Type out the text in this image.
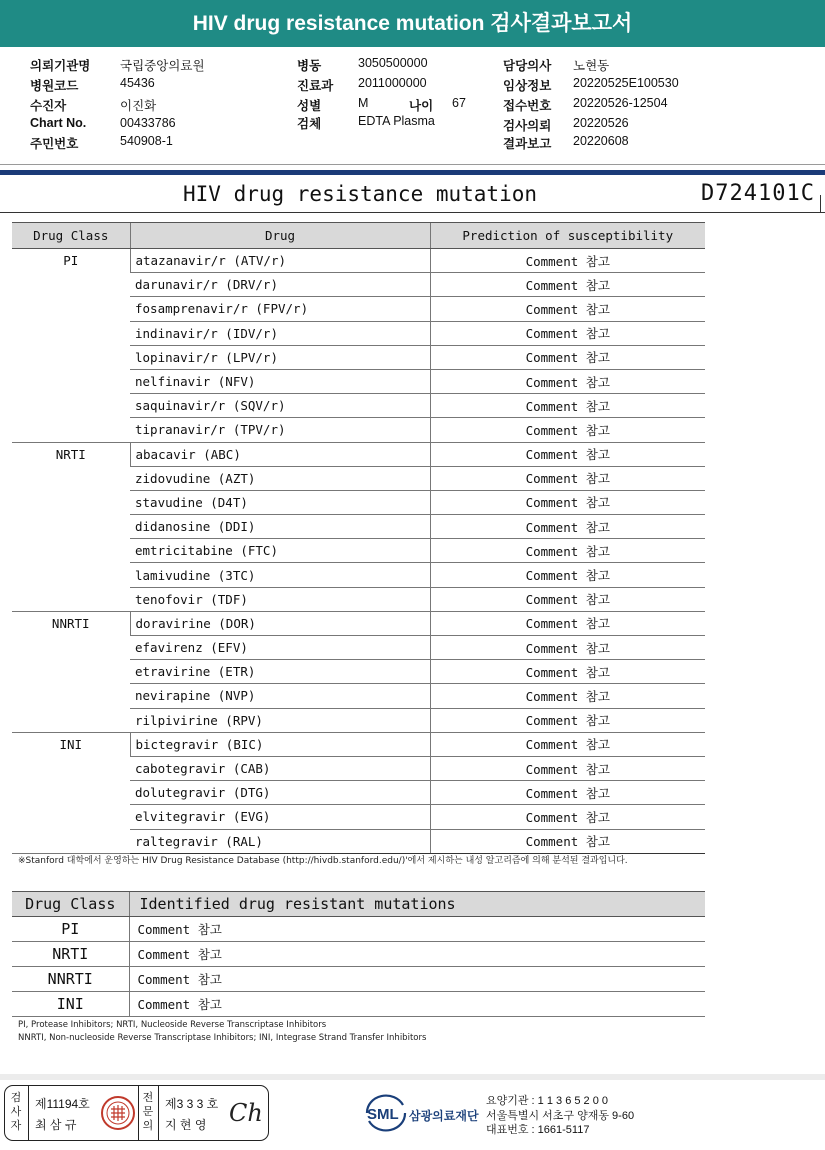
HIV drug resistance mutation 검사결과보고서
의뢰기관명 국립중앙의료원
병원코드	45436
수진자	이진화
Chart No.	00433786
주민번호	540908-1
병동	3050500000
진료과 2011000000
성별	M	나이 67
검체	EDTA Plasma
담당의사 노현동
임상정보 20220525E100530
접수번호 20220526-12504
검사의뢰 20220526
결과보고 20220608
HIV drug resistance mutation	D724101C
Drug Class	Drug	Prediction of susceptibility
PI	atazanavir/r (ATV/r)	Comment 참고
	darunavir/r (DRV/r)	Comment 참고
	fosamprenavir/r (FPV/r)	Comment 참고
	indinavir/r (IDV/r)	Comment 참고
	lopinavir/r (LPV/r)	Comment 참고
	nelfinavir (NFV)	Comment 참고
	saquinavir/r (SQV/r)	Comment 참고
	tipranavir/r (TPV/r)	Comment 참고
NRTI	abacavir (ABC)	Comment 참고
	zidovudine (AZT)	Comment 참고
	stavudine (D4T)	Comment 참고
	didanosine (DDI)	Comment 참고
	emtricitabine (FTC)	Comment 참고
	lamivudine (3TC)	Comment 참고
	tenofovir (TDF)	Comment 참고
NNRTI	doravirine (DOR)	Comment 참고
	efavirenz (EFV)	Comment 참고
	etravirine (ETR)	Comment 참고
	nevirapine (NVP)	Comment 참고
	rilpivirine (RPV)	Comment 참고
INI	bictegravir (BIC)	Comment 참고
	cabotegravir (CAB)	Comment 참고
	dolutegravir (DTG)	Comment 참고
	elvitegravir (EVG)	Comment 참고
	raltegravir (RAL)	Comment 참고
※Stanford 대학에서 운영하는 HIV Drug Resistance Database (http://hivdb.stanford.edu/)'에서 제시하는 내성 알고리즘에 의해 분석된 결과입니다.
Drug Class	Identified drug resistant mutations
PI	Comment 참고
NRTI	Comment 참고
NNRTI	Comment 참고
INI	Comment 참고
PI, Protease Inhibitors; NRTI, Nucleoside Reverse Transcriptase Inhibitors
NNRTI, Non-nucleoside Reverse Transcriptase Inhibitors; INI, Integrase Strand Transfer Inhibitors
검사자
제11194호
최 삼 규
전문의
제3 3 3 호
지 현 영 Ch	SML 삼광의료재단
요양기관 : 1 1 3 6 5 2 0 0
서울특별시 서초구 양재동 9-60
대표번호 : 1661-5117
